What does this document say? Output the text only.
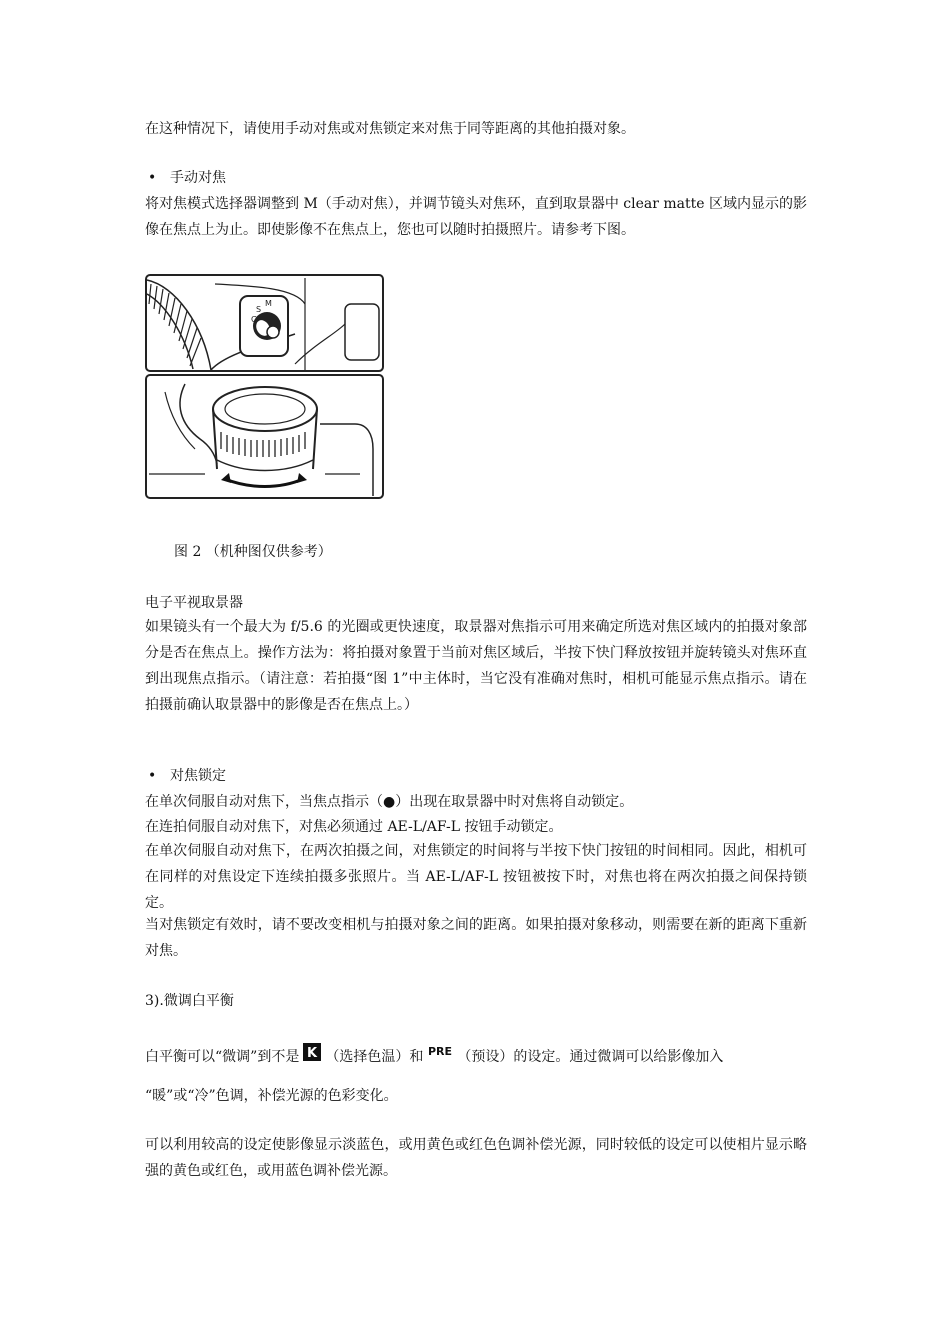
在这种情况下，请使用手动对焦或对焦锁定来对焦于同等距离的其他拍摄对象。

• 手动对焦

将对焦模式选择器调整到 M（手动对焦），并调节镜头对焦环，直到取景器中 clear matte 区域内显示的影像在焦点上为止。即使影像不在焦点上，您也可以随时拍摄照片。请参考下图。

C
S
M
图 2 （机种图仅供参考）

电子平视取景器

如果镜头有一个最大为 f/5.6 的光圈或更快速度，取景器对焦指示可用来确定所选对焦区域内的拍摄对象部分是否在焦点上。操作方法为：将拍摄对象置于当前对焦区域后，半按下快门释放按钮并旋转镜头对焦环直到出现焦点指示。（请注意：若拍摄“图 1”中主体时，当它没有准确对焦时，相机可能显示焦点指示。请在拍摄前确认取景器中的影像是否在焦点上。）

• 对焦锁定

在单次伺服自动对焦下，当焦点指示（●）出现在取景器中时对焦将自动锁定。

在连拍伺服自动对焦下，对焦必须通过 AE-L/AF-L 按钮手动锁定。

在单次伺服自动对焦下，在两次拍摄之间，对焦锁定的时间将与半按下快门按钮的时间相同。因此，相机可在同样的对焦设定下连续拍摄多张照片。当 AE-L/AF-L 按钮被按下时，对焦也将在两次拍摄之间保持锁定。

当对焦锁定有效时，请不要改变相机与拍摄对象之间的距离。如果拍摄对象移动，则需要在新的距离下重新对焦。

3).微调白平衡

白平衡可以“微调”到不是 K （选择色温）和 PRE （预设）的设定。通过微调可以给影像加入

“暖”或“冷”色调，补偿光源的色彩变化。

可以利用较高的设定使影像显示淡蓝色，或用黄色或红色色调补偿光源，同时较低的设定可以使相片显示略强的黄色或红色，或用蓝色调补偿光源。
